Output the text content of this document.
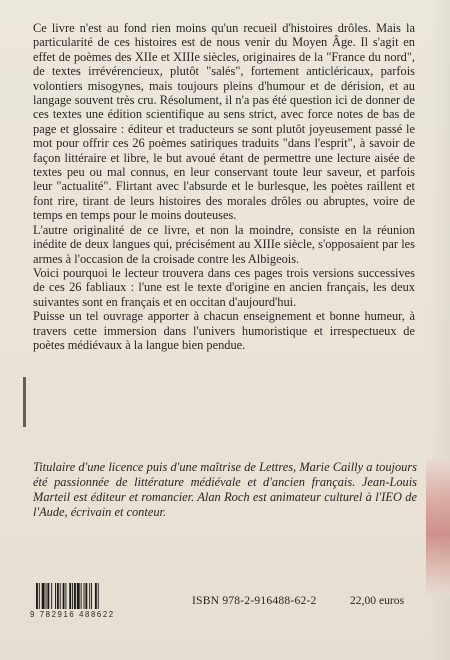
Ce livre n'est au fond rien moins qu'un recueil d'histoires drôles. Mais la particularité de ces histoires est de nous venir du Moyen Âge. Il s'agit en effet de poèmes des XIIe et XIIIe siècles, originaires de la "France du nord", de textes irrévérencieux, plutôt "salés", fortement anticléricaux, parfois volontiers misogynes, mais toujours pleins d'humour et de dérision, et au langage souvent très cru. Résolument, il n'a pas été question ici de donner de ces textes une édition scientifique au sens strict, avec force notes de bas de page et glossaire : éditeur et traducteurs se sont plutôt joyeusement passé le mot pour offrir ces 26 poèmes satiriques traduits "dans l'esprit", à savoir de façon littéraire et libre, le but avoué étant de permettre une lecture aisée de textes peu ou mal connus, en leur conservant toute leur saveur, et parfois leur "actualité". Flirtant avec l'absurde et le burlesque, les poètes raillent et font rire, tirant de leurs histoires des morales drôles ou abruptes, voire de temps en temps pour le moins douteuses.

L'autre originalité de ce livre, et non la moindre, consiste en la réunion inédite de deux langues qui, précisément au XIIIe siècle, s'opposaient par les armes à l'occasion de la croisade contre les Albigeois.

Voici pourquoi le lecteur trouvera dans ces pages trois versions successives de ces 26 fabliaux : l'une est le texte d'origine en ancien français, les deux suivantes sont en français et en occitan d'aujourd'hui.

Puisse un tel ouvrage apporter à chacun enseignement et bonne humeur, à travers cette immersion dans l'univers humoristique et irrespectueux de poètes médiévaux à la langue bien pendue.

Titulaire d'une licence puis d'une maîtrise de Lettres, Marie Cailly a toujours été passionnée de littérature médiévale et d'ancien français. Jean-Louis Marteil est éditeur et romancier. Alan Roch est animateur culturel à l'IEO de l'Aude, écrivain et conteur.
9 782916 488622
ISBN 978-2-916488-62-2	22,00 euros
